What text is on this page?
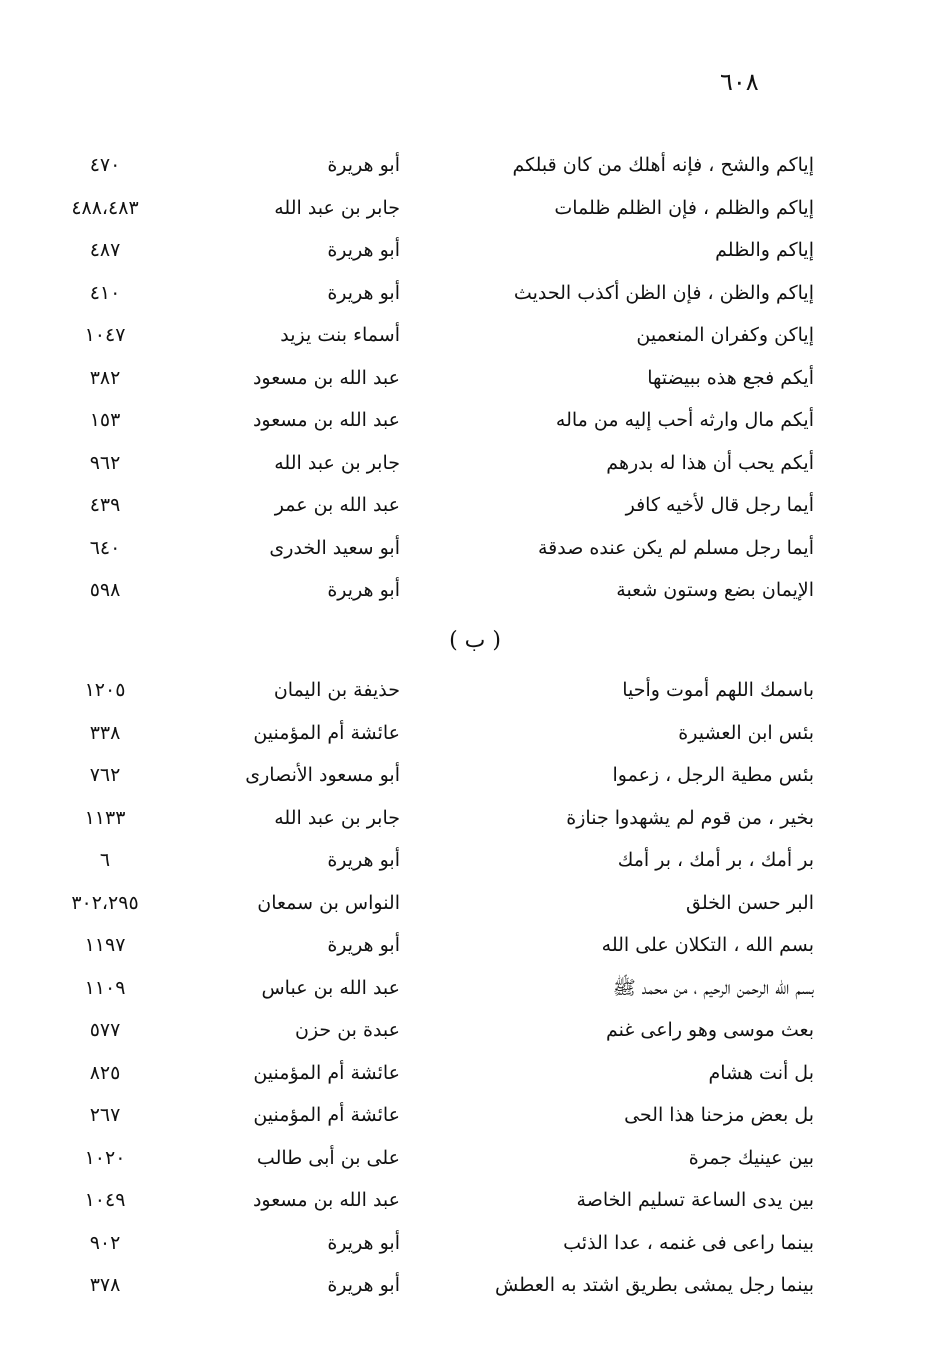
٦٠٨
إياكم والشح ، فإنه أهلك من كان قبلكم
أبو هريرة
٤٧٠
إياكم والظلم ، فإن الظلم ظلمات
جابر بن عبد الله
٤٨٨،٤٨٣
إياكم والظلم
أبو هريرة
٤٨٧
إياكم والظن ، فإن الظن أكذب الحديث
أبو هريرة
٤١٠
إياكن وكفران المنعمين
أسماء بنت يزيد
١٠٤٧
أيكم فجع هذه ببيضتها
عبد الله بن مسعود
٣٨٢
أيكم مال وارثه أحب إليه من ماله
عبد الله بن مسعود
١٥٣
أيكم يحب أن هذا له بدرهم
جابر بن عبد الله
٩٦٢
أيما رجل قال لأخيه كافر
عبد الله بن عمر
٤٣٩
أيما رجل مسلم لم يكن عنده صدقة
أبو سعيد الخدرى
٦٤٠
الإيمان بضع وستون شعبة
أبو هريرة
٥٩٨
( ب )
باسمك اللهم أموت وأحيا
حذيفة بن اليمان
١٢٠٥
بئس ابن العشيرة
عائشة أم المؤمنين
٣٣٨
بئس مطية الرجل ، زعموا
أبو مسعود الأنصارى
٧٦٢
بخير ، من قوم لم يشهدوا جنازة
جابر بن عبد الله
١١٣٣
بر أمك ، بر أمك ، بر أمك
أبو هريرة
٦
البر حسن الخلق
النواس بن سمعان
٣٠٢،٢٩٥
بسم الله ، التكلان على الله
أبو هريرة
١١٩٧
بسم الله الرحمن الرحيم ، من محمد ﷺ
عبد الله بن عباس
١١٠٩
بعث موسى وهو راعى غنم
عبدة بن حزن
٥٧٧
بل أنت هشام
عائشة أم المؤمنين
٨٢٥
بل بعض مزحنا هذا الحى
عائشة أم المؤمنين
٢٦٧
بين عينيك جمرة
على بن أبى طالب
١٠٢٠
بين يدى الساعة تسليم الخاصة
عبد الله بن مسعود
١٠٤٩
بينما راعى فى غنمه ، عدا الذئب
أبو هريرة
٩٠٢
بينما رجل يمشى بطريق اشتد به العطش
أبو هريرة
٣٧٨
